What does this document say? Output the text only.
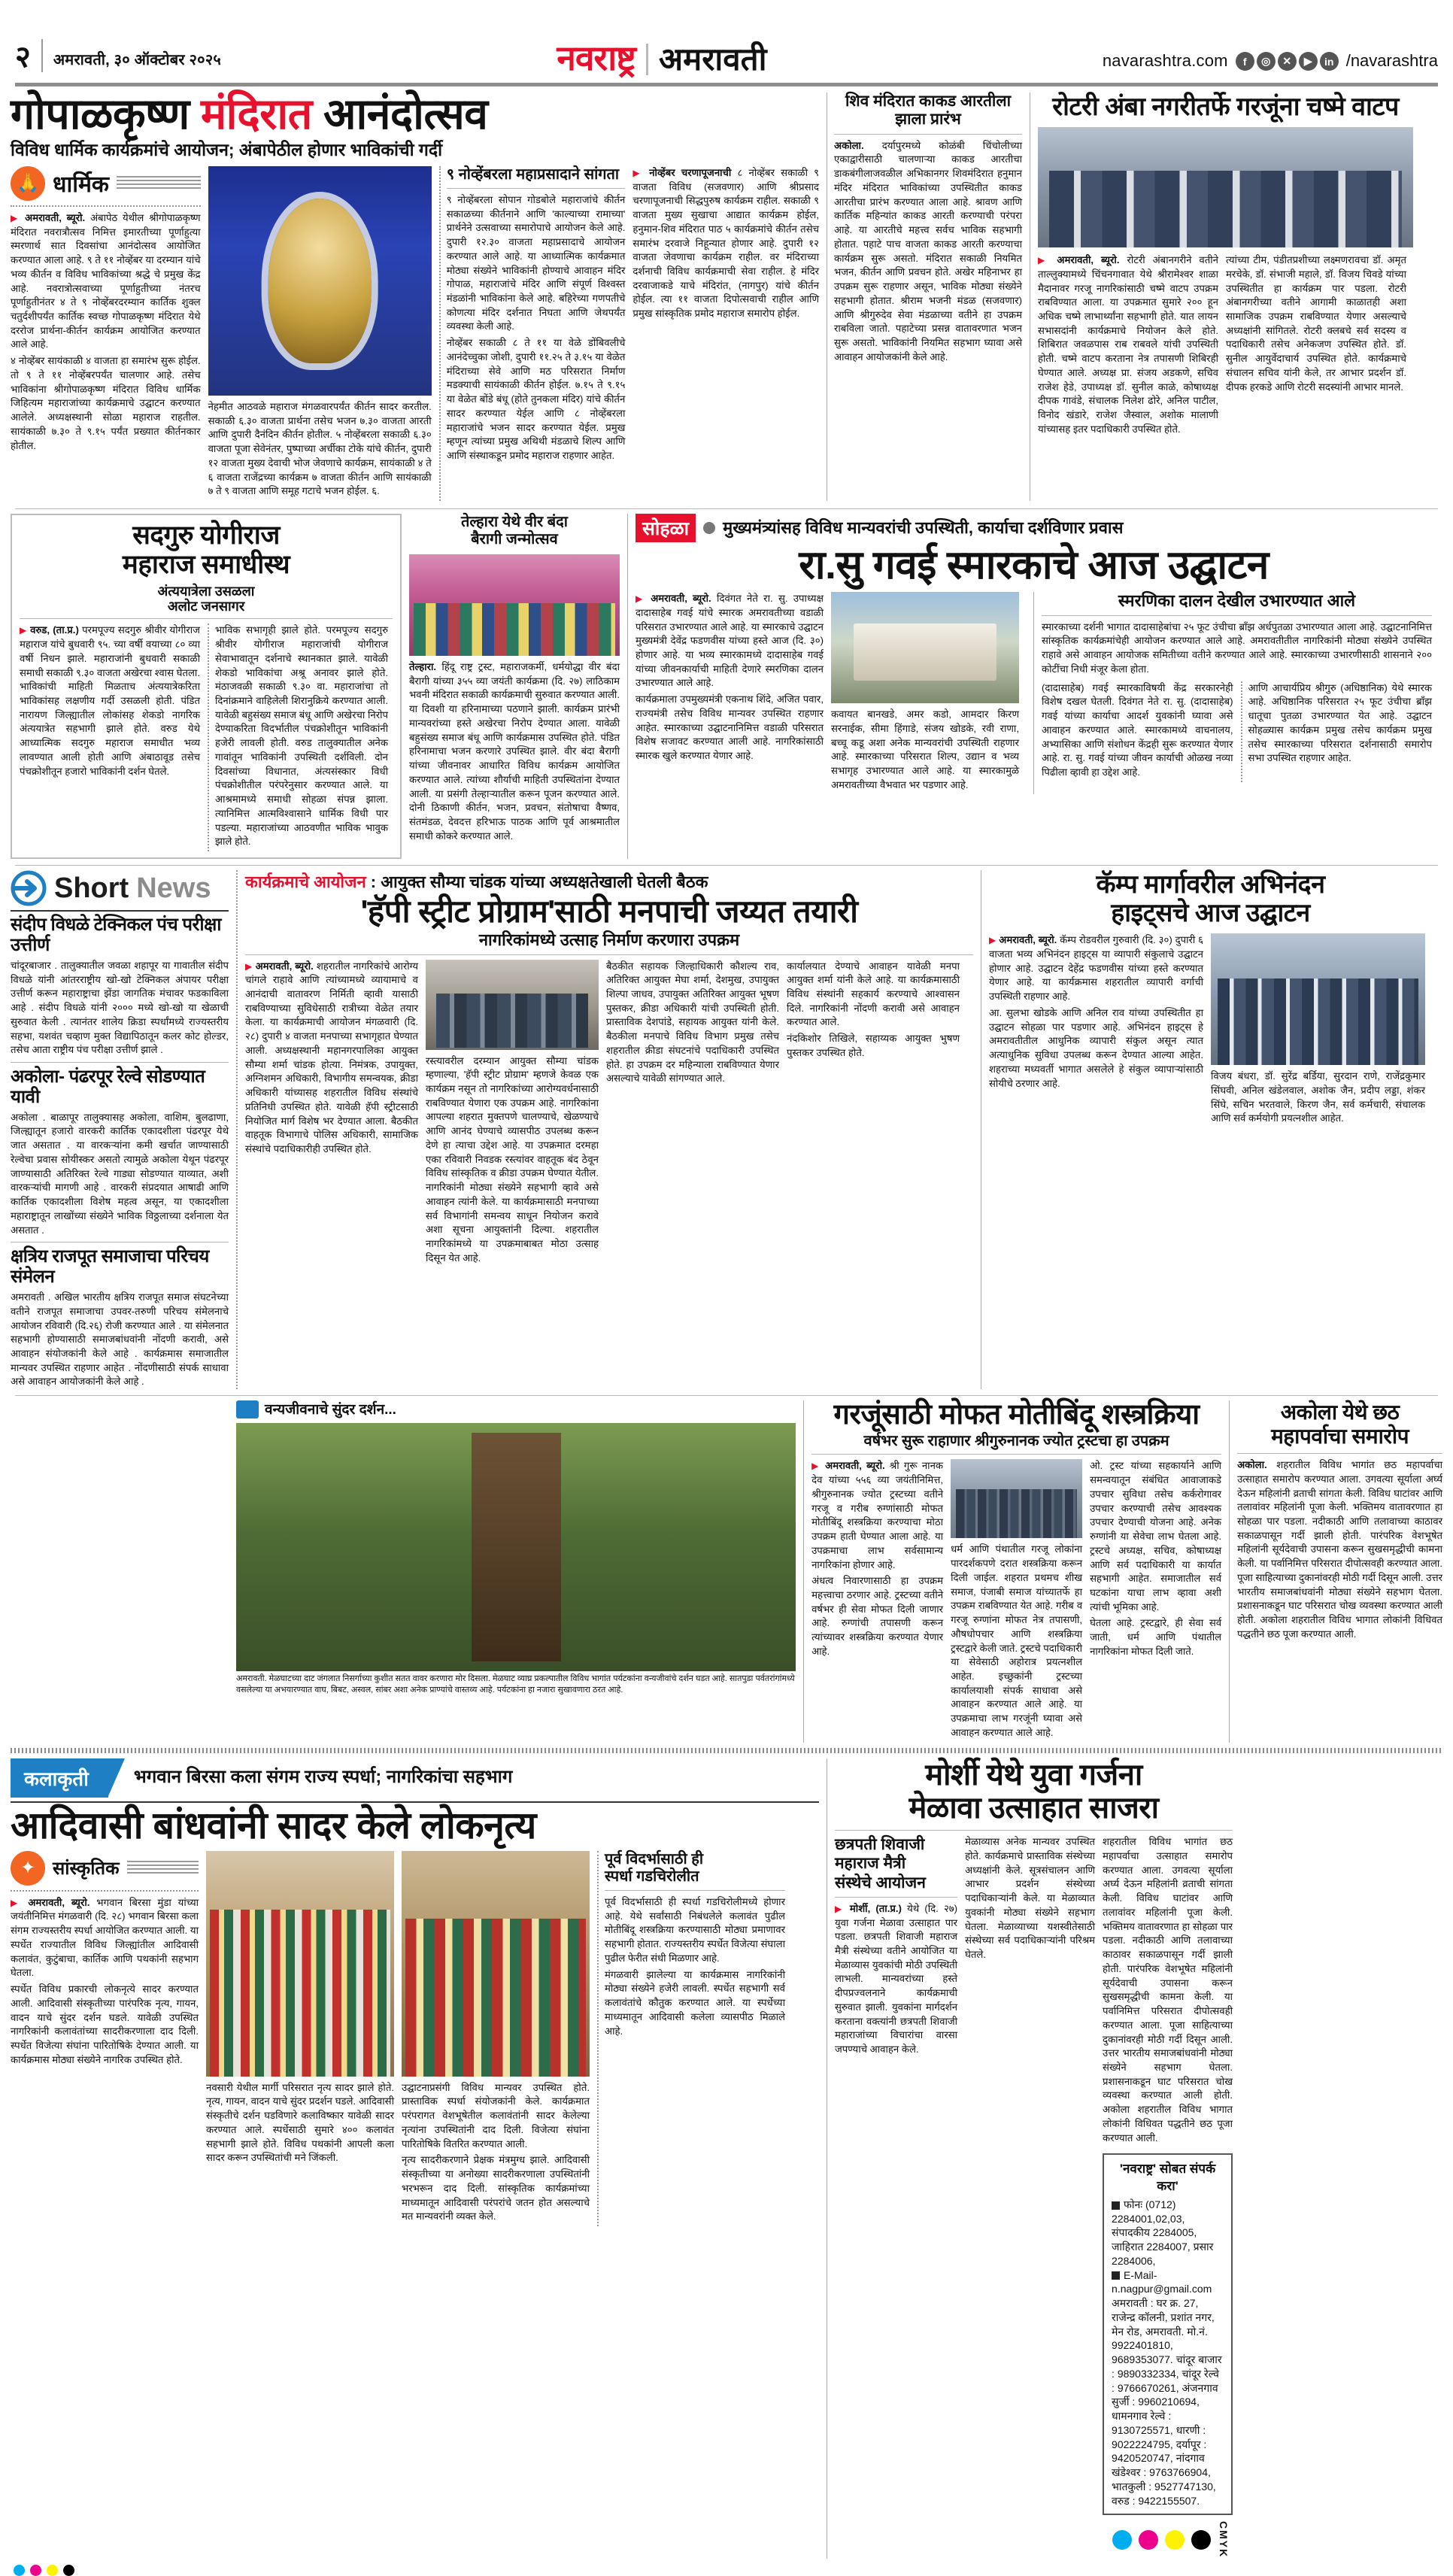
२ अमरावती, ३० ऑक्टोबर २०२५	नवराष्ट्र अमरावती	navarashtra.com	f	◎	✕	▶	in /navarashtra
गोपाळकृष्ण मंदिरात आनंदोत्सव
विविध धार्मिक कार्यक्रमांचे आयोजन; अंबापेठील होणार भाविकांची गर्दी
🙏 धार्मिक

▶ अमरावती, ब्यूरो. अंबापेठ येथील श्रीगोपाळकृष्ण मंदिरात नवरात्रौत्सव निमित्त इमारतीच्या पूर्णाहुत्या स्मरणार्थ सात दिवसांचा आनंदोत्सव आयोजित करण्यात आला आहे. ९ ते ११ नोव्हेंबर या दरम्यान यांचे भव्य कीर्तन व विविध भाविकांच्या श्रद्धे चे प्रमुख केंद्र आहे. नवरात्रोत्सवाच्या पूर्णाहुतीच्या नंतरच पूर्णाहुतीनंतर ४ ते ९ नोव्हेंबरदरम्यान कार्तिक शुक्ल चतुर्दशीपर्यंत कार्तिक स्वच्छ गोपाळकृष्ण मंदिरात येथे दररोज प्रार्थना-कीर्तन कार्यक्रम आयोजित करण्यात आले आहे.

४ नोव्हेंबर सायंकाळी ४ वाजता हा समारंभ सुरू होईल. तो ९ ते ११ नोव्हेंबरपर्यंत चालणार आहे. तसेच भाविकांना श्रीगोपाळकृष्ण मंदिरात विविध धार्मिक जिहित्यम महाराजांच्या कार्यक्रमाचे उद्घाटन करण्यात आलेले. अध्यक्षस्थानी सोळा महाराज राहतील. सायंकाळी ७.३० ते ९.१५ पर्यंत प्रख्यात कीर्तनकार होतील.

नेहमीत आठवळे महाराज मंगळवारपर्यंत कीर्तन सादर करतील. सकाळी ६.३० वाजता प्रार्थना तसेच भजन ७.३० वाजता आरती आणि दुपारी दैनंदिन कीर्तन होतील. ५ नोव्हेंबरला सकाळी ६.३० वाजता पूजा सेवेनंतर, पुष्पाच्या अर्चीका टोके यांचे कीर्तन, दुपारी १२ वाजता मुख्य देवाची भोज जेवणाचे कार्यक्रम, सायंकाळी ४ ते ६ वाजता राजेंद्रच्या कार्यक्रम ७ वाजता कीर्तन आणि सायंकाळी ७ ते ९ वाजता आणि समूह गटाचे भजन होईल. ६.

९ नोव्हेंबरला महाप्रसादाने सांगता

९ नोव्हेंबरला सोपान गोडबोले महाराजांचे कीर्तन सकाळच्या कीर्तनाने आणि 'काल्याच्या रामाच्या' प्रार्थनेने उत्सवाच्या समारोपाचे आयोजन केले आहे. दुपारी १२.३० वाजता महाप्रसादाचे आयोजन करण्यात आले आहे. या आध्यात्मिक कार्यक्रमात मोठ्या संख्येने भाविकांनी होण्याचे आवाहन मंदिर गोपाळ, महाराजांचे मंदिर आणि संपूर्ण विश्वस्त मंडळांनी भाविकांना केले आहे. बहिरेच्या गणपतीचे कोणत्या मंदिर दर्शनात निघता आणि जेथपर्यंत व्यवस्था केली आहे.

नोव्हेंबर सकाळी ८ ते ११ या वेळे डोंबिवलीचे आनंदेच्चुका जोशी, दुपारी ११.२५ ते ३.१५ या वेळेत मंदिराच्या सेवे आणि मठ परिसरात निर्माण मडक्याची सायंकाळी कीर्तन होईल. ७.१५ ते ९.१५ या वेळेत बोंडे बंधू (होते तुनकला मंदिर) यांचे कीर्तन सादर करण्यात येईल आणि ८ नोव्हेंबरला महाराजांचे भजन सादर करण्यात येईल. प्रमुख म्हणून त्यांच्या प्रमुख अथिथी मंडळाचे शिल्प आणि आणि संस्थाकडून प्रमोद महाराज राहणार आहेत.

▶ नोव्हेंबर चरणापूजनाची ८ नोव्हेंबर सकाळी ९ वाजता विविध (सजवणार) आणि श्रीप्रसाद चरणापूजनाची सिद्धपुरुष कार्यक्रम राहील. सकाळी ९ वाजता मुख्य सुखाचा आद्यात कार्यक्रम होईल, हनुमान-शिव मंदिरात पाठ ५ कार्यक्रमांचे कीर्तन तसेच समारंभ दरवाजे निहून्यात होणार आहे. दुपारी १२ वाजता जेवणाचा कार्यक्रम राहील. वर मंदिराच्या दर्शनाची विविध कार्यक्रमाची सेवा राहील. हे मंदिर दरवाजाकडे याचे मंदिरांत, (नागपुर) यांचे कीर्तन होईल. त्या ११ वाजता दिपोत्सवाची राहील आणि प्रमुख सांस्कृतिक प्रमोद महाराज समारोप होईल.

शिव मंदिरात काकड आरतीला झाला प्रारंभ

अकोला. दर्यापुरमध्ये कोळंबी चिंचोलीच्या एकाद्वारीसाठी चालणाऱ्या काकड आरतीचा डाकबंगीलाजवळील अभिकानगर शिवमंदिरात हनुमान मंदिर मंदिरात भाविकांच्या उपस्थितीत काकड आरतीचा प्रारंभ करण्यात आला आहे. श्रावण आणि कार्तिक महिन्यांत काकड आरती करण्याची परंपरा आहे. या आरतीचे महत्त्व सर्वच भाविक सहभागी होतात. पहाटे पाच वाजता काकड आरती करण्याचा कार्यक्रम सुरू असतो. मंदिरात सकाळी नियमित भजन, कीर्तन आणि प्रवचन होते. अखेर महिनाभर हा उपक्रम सुरू राहणार असून, भाविक मोठ्या संख्येने सहभागी होतात. श्रीराम भजनी मंडळ (सजवणार) आणि श्रीगुरुदेव सेवा मंडळाच्या वतीने हा उपक्रम राबविला जातो. पहाटेच्या प्रसन्न वातावरणात भजन सुरू असतो. भाविकांनी नियमित सहभाग घ्यावा असे आवाहन आयोजकांनी केले आहे.

रोटरी अंबा नगरीतर्फे गरजूंना चष्मे वाटप

▶ अमरावती, ब्यूरो. रोटरी अंबानगरीने वतीने ताल्लुक्यामध्ये चिंचनगावात येथे श्रीरामेश्वर शाळा मैदानावर गरजू नागरिकांसाठी चष्मे वाटप उपक्रम राबविण्यात आला. या उपक्रमात सुमारे २०० हून अधिक चष्मे लाभार्थ्यांना सहभागी होते. यात लायन सभासदांनी कार्यक्रमाचे नियोजन केले होते. शिबिरात जवळपास राब राबवले यांची उपस्थिती होती. चष्मे वाटप करताना नेत्र तपासणी शिबिरही घेण्यात आले. अध्यक्ष प्रा. संजय अडकणे, सचिव राजेश हेडे, उपाध्यक्ष डॉ. सुनील काळे, कोषाध्यक्ष दीपक गावंडे, संचालक निलेश ढोरे, अनिल पाटील, विनोद खंडारे, राजेश जैस्वाल, अशोक मालाणी यांच्यासह इतर पदाधिकारी उपस्थित होते.

त्यांच्या टीम, पंडीतप्रशीच्या लक्ष्मणरावचा डॉ. अमृत मरचेके, डॉ. संभाजी महाले, डॉ. विजय चिवडे यांच्या उपस्थितीत हा कार्यक्रम पार पडला. रोटरी अंबानगरीच्या वतीने आगामी काळातही अशा सामाजिक उपक्रम राबविण्यात येणार असल्याचे अध्यक्षांनी सांगितले. रोटरी क्लबचे सर्व सदस्य व पदाधिकारी तसेच अनेकजण उपस्थित होते. डॉ. सुनील आयुर्वेदाचार्य उपस्थित होते. कार्यक्रमाचे संचालन सचिव यांनी केले, तर आभार प्रदर्शन डॉ. दीपक हरकडे आणि रोटरी सदस्यांनी आभार मानले.

सदगुरु योगीराज
महाराज समाधीस्थ
अंत्ययात्रेला उसळला
अलोट जनसागर

▶ वरुड, (ता.प्र.) परमपूज्य सदगुरु श्रीवीर योगीराज महाराज यांचे बुधवारी ९५. च्या वर्षी वयाच्या ८० व्या वर्षी निधन झाले. महाराजांनी बुधवारी सकाळी समाधी सकाळी ९.३० वाजता अखेरचा श्वास घेतला. भाविकांची माहिती मिळताच अंत्ययात्रेकरिता भाविकांसह लक्षणीय गर्दी उसळली होती. पंडित नारायण जिल्ह्यातील लोकांसह शेकडो नागरिक अंत्ययात्रेत सहभागी झाले होते. वरुड येथे आध्यात्मिक सदगुरु महाराज समाधीत भव्य लावण्यात आली होती आणि अंबाठावूड तसेच पंचक्रोशीतून हजारो भाविकांनी दर्शन घेतले.

भाविक सभागृही झाले होते. परमपूज्य सदगुरु श्रीवीर योगीराज महाराजांची योगीराज सेवाभावातून दर्शनाचे स्थानकात झाले. यावेळी शेकडो भाविकांचा अश्रू अनावर झाले होते. मंठाजवळी सकाळी ९.३० वा. महाराजांचा तो दिनांक्रमाने वाहिलेली शिरानुक्रिये करण्यात आली. यावेळी बहुसंख्य समाज बंधू आणि अखेरचा निरोप देण्याकरिता विदर्भातील पंचक्रोशीतून भाविकांनी हजेरी लावली होती. वरुड तालुक्यातील अनेक गावांतून भाविकांनी उपस्थिती दर्शविली. दोन दिवसांच्या विधानात, अंत्यसंस्कार विधी पंचक्रोशीतील परंपरेनुसार करण्यात आले. या आश्रमामध्ये समाधी सोहळा संपन्न झाला. त्यानिमित्त आत्मविश्वासाने धार्मिक विधी पार पडल्या. महाराजांच्या आठवणीत भाविक भावुक झाले होते.

तेल्हारा येथे वीर बंदा
बैरागी जन्मोत्सव

तेल्हारा. हिंदू राष्ट्र ट्रस्ट, महाराजकर्मी, धर्मयोद्धा वीर बंदा बैरागी यांच्या ३५५ व्या जयंती कार्यक्रमा (दि. २७) लाठिकाम भवनी मंदिरात सकाळी कार्यक्रमाची सुरुवात करण्यात आली. या दिवशी या हरिनामाच्या पठणाने झाली. कार्यक्रम प्रारंभी मान्यवरांच्या हस्ते अखेरचा निरोप देण्यात आला. यावेळी बहुसंख्य समाज बंधू आणि कार्यक्रमास उपस्थित होते. पंडित हरिनामाचा भजन करणारे उपस्थित झाले. वीर बंदा बैरागी यांच्या जीवनावर आधारित विविध कार्यक्रम आयोजित करण्यात आले. त्यांच्या शौर्याची माहिती उपस्थितांना देण्यात आली. या प्रसंगी तेल्हाऱ्यातील करून पूजन करण्यात आले. दोनी ठिकाणी कीर्तन, भजन, प्रवचन, संतोषाचा वैष्णव, संतमंडळ, देवदत्त हरिभाऊ पाठक आणि पूर्व आश्रमातील समाधी कोकरे करण्यात आले.

सोहळा	मुख्यमंत्र्यांसह विविध मान्यवरांची उपस्थिती, कार्याचा दर्शविणार प्रवास
रा.सु गवई स्मारकाचे आज उद्घाटन

▶ अमरावती, ब्यूरो. दिवंगत नेते रा. सु. उपाध्यक्ष दादासाहेब गवई यांचे स्मारक अमरावतीच्या वडाळी परिसरात उभारण्यात आले आहे. या स्मारकाचे उद्घाटन मुख्यमंत्री देवेंद्र फडणवीस यांच्या हस्ते आज (दि. ३०) होणार आहे. या भव्य स्मारकामध्ये दादासाहेब गवई यांच्या जीवनकार्याची माहिती देणारे स्मरणिका दालन उभारण्यात आले आहे.

कार्यक्रमाला उपमुख्यमंत्री एकनाथ शिंदे, अजित पवार, राज्यमंत्री तसेच विविध मान्यवर उपस्थित राहणार आहेत. स्मारकाच्या उद्घाटनानिमित्त वडाळी परिसरात विशेष सजावट करण्यात आली आहे. नागरिकांसाठी स्मारक खुले करण्यात येणार आहे.

कवायत बानखडे, अमर कडो, आमदार किरण सरनाईक, सीमा हिंगाडे, संजय खोडके, रवी राणा, बच्चू कडू अशा अनेक मान्यवरांची उपस्थिती राहणार आहे. स्मारकाच्या परिसरात शिल्प, उद्यान व भव्य सभागृह उभारण्यात आले आहे. या स्मारकामुळे अमरावतीच्या वैभवात भर पडणार आहे.

स्मरणिका दालन देखील उभारण्यात आले

स्मारकाच्या दर्शनी भागात दादासाहेबांचा २५ फूट उंचीचा ब्राँझ अर्धपुतळा उभारण्यात आला आहे. उद्घाटनानिमित्त सांस्कृतिक कार्यक्रमांचेही आयोजन करण्यात आले आहे. अमरावतीतील नागरिकांनी मोठ्या संख्येने उपस्थित राहावे असे आवाहन आयोजक समितीच्या वतीने करण्यात आले आहे. स्मारकाच्या उभारणीसाठी शासनाने २०० कोटींचा निधी मंजूर केला होता.

(दादासाहेब) गवई स्मारकाविषयी केंद्र सरकारनेही विशेष दखल घेतली. दिवंगत नेते रा. सु. (दादासाहेब) गवई यांच्या कार्याचा आदर्श युवकांनी घ्यावा असे आवाहन करण्यात आले. स्मारकामध्ये वाचनालय, अभ्यासिका आणि संशोधन केंद्रही सुरू करण्यात येणार आहे. रा. सु. गवई यांच्या जीवन कार्याची ओळख नव्या पिढीला व्हावी हा उद्देश आहे.

आणि आचार्यप्रिय श्रीगुरु (अधिष्ठानिक) येथे स्मारक आहे. अधिष्ठानिक परिसरात २५ फूट उंचीचा ब्राँझ धातूचा पुतळा उभारण्यात येत आहे. उद्घाटन सोहळ्यास कार्यक्रम प्रमुख तसेच कार्यक्रम प्रमुख तसेच स्मारकाच्या परिसरात दर्शनासाठी समारोप सभा उपस्थित राहणार आहेत.

Short News
संदीप विधळे टेक्निकल पंच परीक्षा उत्तीर्ण
चांदूरबाजार . तालुक्यातील जवळा शहापूर या गावातील संदीप विधळे यांनी आंतरराष्ट्रीय खो-खो टेक्निकल अंपायर परीक्षा उत्तीर्ण करून महाराष्ट्राचा झेंडा जागतिक मंचावर फडकाविला आहे . संदीप विधळे यांनी २००० मध्ये खो-खो या खेळाची सुरुवात केली . त्यानंतर शालेय क्रिडा स्पर्धांमध्ये राज्यस्तरीय सहभा, यशवंत चव्हाण मुक्त विद्यापिठातून कलर कोट होल्डर, तसेच आता राष्ट्रीय पंच परीक्षा उत्तीर्ण झाले .
अकोला- पंढरपूर रेल्वे सोडण्यात यावी
अकोला . बाळापूर तालुक्यासह अकोला, वाशिम, बुलढाणा, जिल्ह्यातून हजारो वारकरी कार्तिक एकादशीला पंढरपूर येथे जात असतात . या वारकऱ्यांना कमी खर्चात जाण्यासाठी रेल्वेचा प्रवास सोयीस्कर असतो त्यामुळे अकोला येथून पंढरपूर जाण्यासाठी अतिरिक्त रेल्वे गाड्या सोडण्यात याव्यात, अशी वारकऱ्यांची मागणी आहे . वारकरी संप्रदयात आषाढी आणि कार्तिक एकादशीला विशेष महत्व असून, या एकादशीला महाराष्ट्रातून लाखोंच्या संख्येने भाविक विठ्ठलाच्या दर्शनाला येत असतात .
क्षत्रिय राजपूत समाजाचा परिचय संमेलन
अमरावती . अखिल भारतीय क्षत्रिय राजपूत समाज संघटनेच्या वतीने राजपूत समाजाचा उपवर-तरुणी परिचय संमेलनाचे आयोजन रविवारी (दि.२६) रोजी करण्यात आले . या संमेलनात सहभागी होण्यासाठी समाजबांधवांनी नोंदणी करावी, असे आवाहन संयोजकांनी केले आहे . कार्यक्रमास समाजातील मान्यवर उपस्थित राहणार आहेत . नोंदणीसाठी संपर्क साधावा असे आवाहन आयोजकांनी केले आहे .
कार्यक्रमाचे आयोजन : आयुक्त सौम्या चांडक यांच्या अध्यक्षतेखाली घेतली बैठक
'हॅपी स्ट्रीट प्रोग्राम'साठी मनपाची जय्यत तयारी
नागरिकांमध्ये उत्साह निर्माण करणारा उपक्रम

▶ अमरावती, ब्यूरो. शहरातील नागरिकांचे आरोग्य चांगले राहावे आणि त्यांच्यामध्ये व्यायामाचे व आनंदाची वातावरण निर्मिती व्हावी यासाठी राबविण्याच्या सुविधेसाठी रात्रीच्या वेळेत तयार केला. या कार्यक्रमाची आयोजन मंगळवारी (दि. २८) दुपारी ४ वाजता मनपाच्या सभागृहात घेण्यात आली. अध्यक्षस्थानी महानगरपालिका आयुक्त सौम्या शर्मा चांडक होत्या. निमंत्रक, उपायुक्त, अग्निशमन अधिकारी, विभागीय समन्वयक, क्रीडा अधिकारी यांच्यासह शहरातील विविध संस्थांचे प्रतिनिधी उपस्थित होते. यावेळी हॅपी स्ट्रीटसाठी नियोजित मार्ग विशेष भर देण्यात आला. बैठकीत वाहतूक विभागाचे पोलिस अधिकारी, सामाजिक संस्थांचे पदाधिकारीही उपस्थित होते.

रस्त्यावरील दरम्यान आयुक्त सौम्या चांडक म्हणाल्या, 'हॅपी स्ट्रीट प्रोग्राम' म्हणजे केवळ एक कार्यक्रम नसून तो नागरिकांच्या आरोग्यवर्धनासाठी राबविण्यात येणारा एक उपक्रम आहे. नागरिकांना आपल्या शहरात मुक्तपणे चालण्याचे, खेळण्याचे आणि आनंद घेण्याचे व्यासपीठ उपलब्ध करून देणे हा त्याचा उद्देश आहे. या उपक्रमात दरमहा एका रविवारी निवडक रस्त्यांवर वाहतूक बंद ठेवून विविध सांस्कृतिक व क्रीडा उपक्रम घेण्यात येतील. नागरिकांनी मोठ्या संख्येने सहभागी व्हावे असे आवाहन त्यांनी केले. या कार्यक्रमासाठी मनपाच्या सर्व विभागांनी समन्वय साधून नियोजन करावे अशा सूचना आयुक्तांनी दिल्या. शहरातील नागरिकांमध्ये या उपक्रमाबाबत मोठा उत्साह दिसून येत आहे.

बैठकीत सहायक जिल्हाधिकारी कौशल्य राव, अतिरिक्त आयुक्त मेघा शर्मा, देशमुख, उपायुक्त शिल्पा जाधव, उपायुक्त अतिरिक्त आयुक्त भूषण पुस्तकर, क्रीडा अधिकारी यांची उपस्थिती होती. प्रास्ताविक देशपांडे, सहायक आयुक्त यांनी केले. बैठकीला मनपाचे विविध विभाग प्रमुख तसेच शहरातील क्रीडा संघटनांचे पदाधिकारी उपस्थित होते. हा उपक्रम दर महिन्याला राबविण्यात येणार असल्याचे यावेळी सांगण्यात आले.

कार्यालयात देण्याचे आवाहन यावेळी मनपा आयुक्त शर्मा यांनी केले आहे. या कार्यक्रमासाठी विविध संस्थांनी सहकार्य करण्याचे आश्वासन दिले. नागरिकांनी नोंदणी करावी असे आवाहन करण्यात आले.

नंदकिशोर तिखिले, सहाय्यक आयुक्त भुषण पुस्तकर उपस्थित होते.

कॅम्प मार्गावरील अभिनंदन
हाइट्सचे आज उद्घाटन

▶ अमरावती, ब्यूरो. कॅम्प रोडवरील गुरुवारी (दि. ३०) दुपारी ६ वाजता भव्य अभिनंदन हाइट्स या व्यापारी संकुलाचे उद्घाटन होणार आहे. उद्घाटन देहेंद्र फडणवीस यांच्या हस्ते करण्यात येणार आहे. या कार्यक्रमास शहरातील व्यापारी वर्गाची उपस्थिती राहणार आहे.

आ. सुलभा खोडके आणि अनिल राव यांच्या उपस्थितीत हा उद्घाटन सोहळा पार पडणार आहे. अभिनंदन हाइट्स हे अमरावतीतील आधुनिक व्यापारी संकुल असून त्यात अत्याधुनिक सुविधा उपलब्ध करून देण्यात आल्या आहेत. शहराच्या मध्यवर्ती भागात असलेले हे संकुल व्यापाऱ्यांसाठी सोयीचे ठरणार आहे.

विजय बंधरा, डॉ. सुरेंद्र बर्डिया, सुरदान राणे, राजेंद्रकुमार सिंघवी, अनिल खंडेलवाल, अशोक जैन, प्रदीप लड्डा, शंकर सिंघे, सचिन भरतवाले, किरण जैन, सर्व कर्मचारी, संचालक आणि सर्व कर्मयोगी प्रयत्नशील आहेत.

वन्यजीवनाचे सुंदर दर्शन...
अमरावती. मेळघाटच्या दाट जंगलात निसर्गाच्या कुशीत सतत वावर करणारा मोर दिसला. मेळघाट व्याघ्र प्रकल्पातील विविध भागांत पर्यटकांना वन्यजीवांचे दर्शन घडत आहे. सातपुडा पर्वतरांगांमध्ये वसलेल्या या अभयारण्यात वाघ, बिबट, अस्वल, सांबर अशा अनेक प्राण्यांचे वास्तव्य आहे. पर्यटकांना हा नजारा सुखावणारा ठरत आहे.
गरजूंसाठी मोफत मोतीबिंदू शस्त्रक्रिया
वर्षभर सुरू राहाणार श्रीगुरुनानक ज्योत ट्रस्टचा हा उपक्रम

▶ अमरावती, ब्यूरो. श्री गुरू नानक देव यांच्या ५५६ व्या जयंतीनिमित्त, श्रीगुरुनानक ज्योत ट्रस्टच्या वतीने गरजू व गरीब रुग्णांसाठी मोफत मोतीबिंदू शस्त्रक्रिया करण्याचा मोठा उपक्रम हाती घेण्यात आला आहे. या उपक्रमाचा लाभ सर्वसामान्य नागरिकांना होणार आहे.

अंधत्व निवारणासाठी हा उपक्रम महत्त्वाचा ठरणार आहे. ट्रस्टच्या वतीने वर्षभर ही सेवा मोफत दिली जाणार आहे. रुग्णांची तपासणी करून त्यांच्यावर शस्त्रक्रिया करण्यात येणार आहे.

धर्म आणि पंथातील गरजू लोकांना पारदर्शकपणे दरात शस्त्रक्रिया करून दिली जाईल. शहरात प्रथमच शीख समाज, पंजाबी समाज यांच्यातर्फे हा उपक्रम राबविण्यात येत आहे. गरीब व गरजू रुग्णांना मोफत नेत्र तपासणी, औषधोपचार आणि शस्त्रक्रिया ट्रस्टद्वारे केली जाते. ट्रस्टचे पदाधिकारी या सेवेसाठी अहोरात्र प्रयत्नशील आहेत. इच्छुकांनी ट्रस्टच्या कार्यालयाशी संपर्क साधावा असे आवाहन करण्यात आले आहे. या उपक्रमाचा लाभ गरजूंनी घ्यावा असे आवाहन करण्यात आले आहे.

ओ. ट्रस्ट यांच्या सहकार्याने आणि समन्वयातून संबंधित आवाजाकडे उपचार सुविधा तसेच कर्करोगावर उपचार करण्याची तसेच आवश्यक उपचार देण्याची योजना आहे. अनेक रुग्णांनी या सेवेचा लाभ घेतला आहे. ट्रस्टचे अध्यक्ष, सचिव, कोषाध्यक्ष आणि सर्व पदाधिकारी या कार्यात सहभागी आहेत. समाजातील सर्व घटकांना याचा लाभ व्हावा अशी त्यांची भूमिका आहे.

घेतला आहे. ट्रस्टद्वारे, ही सेवा सर्व जाती, धर्म आणि पंथातील नागरिकांना मोफत दिली जाते.

अकोला येथे छठ
महापर्वाचा समारोप

अकोला. शहरातील विविध भागांत छठ महापर्वाचा उत्साहात समारोप करण्यात आला. उगवत्या सूर्याला अर्घ्य देऊन महिलांनी व्रताची सांगता केली. विविध घाटांवर आणि तलावांवर महिलांनी पूजा केली. भक्तिमय वातावरणात हा सोहळा पार पडला. नदीकाठी आणि तलावाच्या काठावर सकाळपासून गर्दी झाली होती. पारंपरिक वेशभूषेत महिलांनी सूर्यदेवाची उपासना करून सुखसमृद्धीची कामना केली. या पर्वानिमित्त परिसरात दीपोत्सवही करण्यात आला. पूजा साहित्याच्या दुकानांवरही मोठी गर्दी दिसून आली. उत्तर भारतीय समाजबांधवांनी मोठ्या संख्येने सहभाग घेतला. प्रशासनाकडून घाट परिसरात चोख व्यवस्था करण्यात आली होती. अकोला शहरातील विविध भागात लोकांनी विधिवत पद्धतीने छठ पूजा करण्यात आली.

कलाकृती	भगवान बिरसा कला संगम राज्य स्पर्धा; नागरिकांचा सहभाग
आदिवासी बांधवांनी सादर केले लोकनृत्य
✦ सांस्कृतिक

▶ अमरावती, ब्यूरो. भगवान बिरसा मुंडा यांच्या जयंतीनिमित्त मंगळवारी (दि. २८) भगवान बिरसा कला संगम राज्यस्तरीय स्पर्धा आयोजित करण्यात आली. या स्पर्धेत राज्यातील विविध जिल्ह्यांतील आदिवासी कलावंत, कुटुंबाचा, कार्तिक आणि पथकांनी सहभाग घेतला.

स्पर्धेत विविध प्रकारची लोकनृत्ये सादर करण्यात आली. आदिवासी संस्कृतीच्या पारंपरिक नृत्य, गायन, वादन याचे सुंदर दर्शन घडले. यावेळी उपस्थित नागरिकांनी कलावंतांच्या सादरीकरणाला दाद दिली. स्पर्धेत विजेत्या संघांना पारितोषिके देण्यात आली. या कार्यक्रमास मोठ्या संख्येने नागरिक उपस्थित होते.

नवसारी येथील मार्गी परिसरात नृत्य सादर झाले होते. नृत्य, गायन, वादन याचे सुंदर प्रदर्शन घडले. आदिवासी संस्कृतीचे दर्शन घडविणारे कलाविष्कार यावेळी सादर करण्यात आले. स्पर्धेसाठी सुमारे ४०० कलावंत सहभागी झाले होते. विविध पथकांनी आपली कला सादर करून उपस्थितांची मने जिंकली.

उद्घाटनाप्रसंगी विविध मान्यवर उपस्थित होते. प्रास्ताविक स्पर्धा संयोजकांनी केले. कार्यक्रमात परंपरागत वेशभूषेतील कलावंतांनी सादर केलेल्या नृत्यांना उपस्थितांनी दाद दिली. विजेत्या संघांना पारितोषिके वितरित करण्यात आली.

नृत्य सादरीकरणाने प्रेक्षक मंत्रमुग्ध झाले. आदिवासी संस्कृतीच्या या अनोख्या सादरीकरणाला उपस्थितांनी भरभरून दाद दिली. सांस्कृतिक कार्यक्रमांच्या माध्यमातून आदिवासी परंपरांचे जतन होत असल्याचे मत मान्यवरांनी व्यक्त केले.

पूर्व विदर्भासाठी ही
स्पर्धा गडचिरोलीत

पूर्व विदर्भासाठी ही स्पर्धा गडचिरोलीमध्ये होणार आहे. येथे सर्वांसाठी निबंधलेले कलावंत पुढील मोतीबिंदू शस्त्रक्रिया करण्यासाठी मोठ्या प्रमाणावर सहभागी होतात. राज्यस्तरीय स्पर्धेत विजेत्या संघाला पुढील फेरीत संधी मिळणार आहे.

मंगळवारी झालेल्या या कार्यक्रमास नागरिकांनी मोठ्या संख्येने हजेरी लावली. स्पर्धेत सहभागी सर्व कलावंतांचे कौतुक करण्यात आले. या स्पर्धेच्या माध्यमातून आदिवासी कलेला व्यासपीठ मिळाले आहे.

मोर्शी येथे युवा गर्जना
मेळावा उत्साहात साजरा
छत्रपती शिवाजी
महाराज मैत्री
संस्थेचे आयोजन

▶ मोर्शी, (ता.प्र.) येथे (दि. २७) युवा गर्जना मेळावा उत्साहात पार पडला. छत्रपती शिवाजी महाराज मैत्री संस्थेच्या वतीने आयोजित या मेळाव्यास युवकांची मोठी उपस्थिती लाभली. मान्यवरांच्या हस्ते दीपप्रज्वलनाने कार्यक्रमाची सुरुवात झाली. युवकांना मार्गदर्शन करताना वक्त्यांनी छत्रपती शिवाजी महाराजांच्या विचारांचा वारसा जपण्याचे आवाहन केले.

मेळाव्यास अनेक मान्यवर उपस्थित होते. कार्यक्रमाचे प्रास्ताविक संस्थेच्या अध्यक्षांनी केले. सूत्रसंचालन आणि आभार प्रदर्शन संस्थेच्या पदाधिकाऱ्यांनी केले. या मेळाव्यात युवकांनी मोठ्या संख्येने सहभाग घेतला. मेळाव्याच्या यशस्वीतेसाठी संस्थेच्या सर्व पदाधिकाऱ्यांनी परिश्रम घेतले.

शहरातील विविध भागांत छठ महापर्वाचा उत्साहात समारोप करण्यात आला. उगवत्या सूर्याला अर्घ्य देऊन महिलांनी व्रताची सांगता केली. विविध घाटांवर आणि तलावांवर महिलांनी पूजा केली. भक्तिमय वातावरणात हा सोहळा पार पडला. नदीकाठी आणि तलावाच्या काठावर सकाळपासून गर्दी झाली होती. पारंपरिक वेशभूषेत महिलांनी सूर्यदेवाची उपासना करून सुखसमृद्धीची कामना केली. या पर्वानिमित्त परिसरात दीपोत्सवही करण्यात आला. पूजा साहित्याच्या दुकानांवरही मोठी गर्दी दिसून आली. उत्तर भारतीय समाजबांधवांनी मोठ्या संख्येने सहभाग घेतला. प्रशासनाकडून घाट परिसरात चोख व्यवस्था करण्यात आली होती. अकोला शहरातील विविध भागात लोकांनी विधिवत पद्धतीने छठ पूजा करण्यात आली.

'नवराष्ट्र' सोबत संपर्क करा'
फोनः (0712) 2284001,02,03, संपादकीय 2284005, जाहिरात 2284007, प्रसार 2284006,
E-Mail-n.nagpur@gmail.com
अमरावती : घर क्र. 27, राजेन्द्र कॉलनी, प्रशांत नगर, मेन रोड, अमरावती. मो.नं. 9922401810, 9689353077. चांदूर बाजार : 9890332334, चांदूर रेल्वे : 9766670261, अंजनगाव सुर्जी : 9960210694, धामनगाव रेल्वे : 9130725571, धारणी : 9022224795, दर्यापूर : 9420520747, नांदगाव खंडेश्वर : 9763766904, भातकुली : 9527747130, वरुड : 9422155507.
CMYK
